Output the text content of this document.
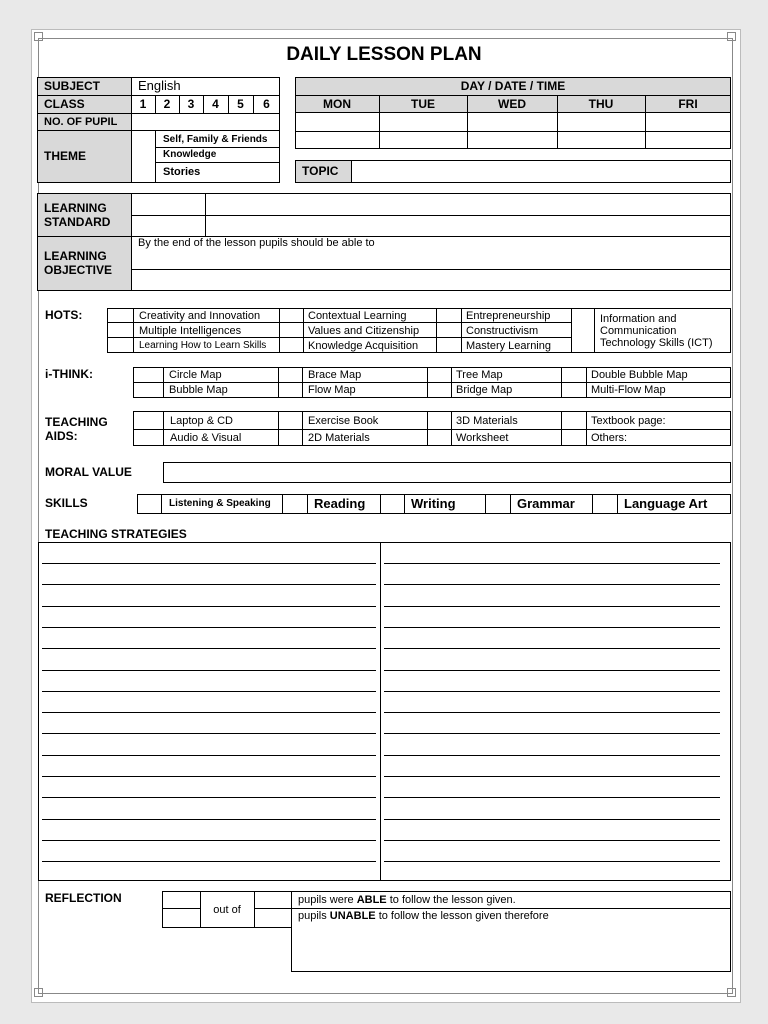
DAILY LESSON PLAN
SUBJECT	English
CLASS	1	2	3	4	5	6
NO. OF PUPIL
THEME
Self, Family & Friends
Knowledge
Stories
DAY / DATE / TIME
MON	TUE	WED	THU	FRI
TOPIC
LEARNING
STANDARD
LEARNING
OBJECTIVE
By the end of the lesson pupils should be able to
HOTS:	Creativity and Innovation	Contextual Learning	Entrepreneurship
Multiple Intelligences	Values and Citizenship	Constructivism
Learning How to Learn Skills	Knowledge Acquisition	Mastery Learning
Information and
Communication
Technology Skills (ICT)
i-THINK:	Circle Map	Brace Map	Tree Map	Double Bubble Map
Bubble Map	Flow Map	Bridge Map	Multi-Flow Map
TEACHING
AIDS:
Laptop & CD	Exercise Book	3D Materials	Textbook page:
Audio & Visual	2D Materials	Worksheet	Others:
MORAL VALUE
SKILLS	Listening & Speaking	Reading	Writing	Grammar	Language Art
TEACHING STRATEGIES
REFLECTION
out of
pupils were ABLE to follow the lesson given.
pupils UNABLE to follow the lesson given therefore
